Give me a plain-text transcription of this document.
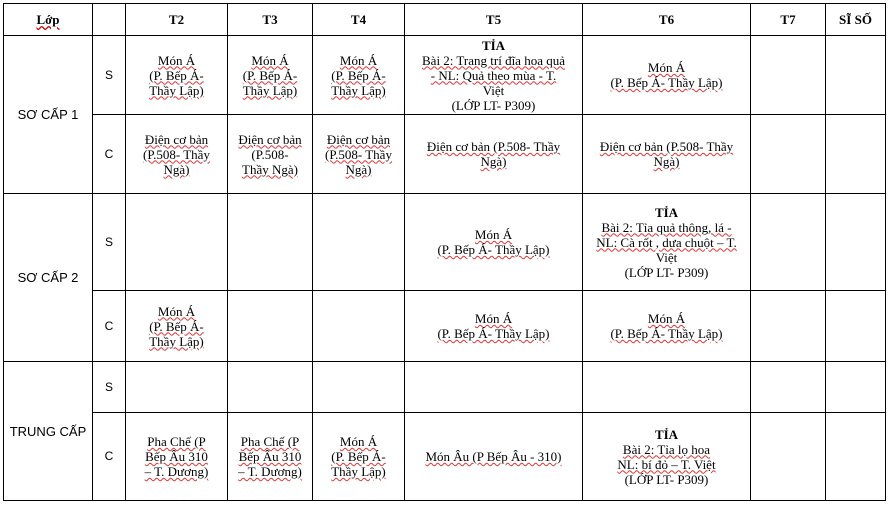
Lớp		T2	T3	T4	T5	T6	T7	SĨ SỐ
SƠ CẤP 1	S	Món Á
(P. Bếp Á-
Thầy Lập)	Món Á
(P. Bếp Á-
Thầy Lập)	Món Á
(P. Bếp Á-
Thầy Lập)	TỈA
Bài 2: Trang trí đĩa hoa quả
- NL: Quả theo mùa - T.
Việt
(LỚP LT- P309)	Món Á
(P. Bếp Á- Thầy Lập)		

	C	Điện cơ bản
(P.508- Thầy
Ngà)	Điện cơ bản
(P.508-
Thầy Ngà)	Điện cơ bản
(P.508- Thầy
Ngà)	Điện cơ bản (P.508- Thầy
Ngà)	Điện cơ bản (P.508- Thầy
Ngà)		

SƠ CẤP 2	S				Món Á
(P. Bếp Á- Thầy Lập)	TỈA
Bài 2: Tỉa quả thông, lá -
NL: Cà rốt , dưa chuột – T.
Việt
(LỚP LT- P309)		

	C	Món Á
(P. Bếp Á-
Thầy Lập)			Món Á
(P. Bếp Á- Thầy Lập)	Món Á
(P. Bếp Á- Thầy Lập)		

TRUNG CẤP	S							
	C	Pha Chế (P
Bếp Âu 310
– T. Dương)	Pha Chế (P
Bếp Âu 310
– T. Dương)	Món Á
(P. Bếp Á-
Thầy Lập)	Món Âu (P Bếp Âu - 310)	TỈA
Bài 2: Tỉa lọ hoa
NL: bí đỏ – T. Việt
(LỚP LT- P309)		
